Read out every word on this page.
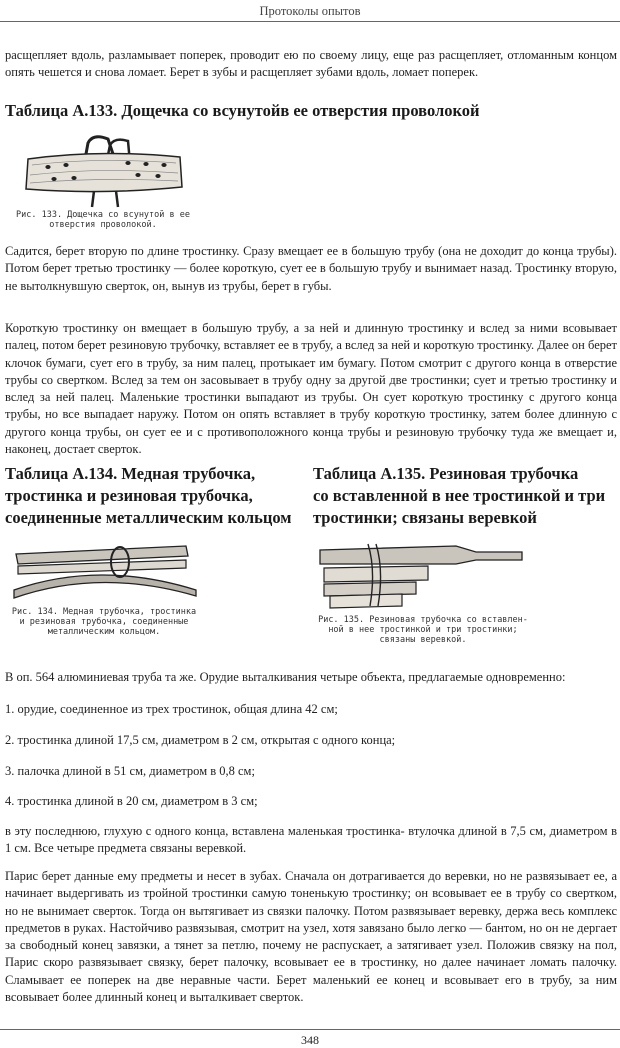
Протоколы опытов

расщепляет вдоль, разламывает поперек, проводит ею по своему лицу, еще раз расщепляет, отломанным концом опять чешется и снова ломает. Берет в зубы и расщепляет зубами вдоль, ломает поперек.

Таблица А.133. Дощечка со всунутойв ее отверстия проволокой
Рис. 133. Дощечка со всунутой в ее
отверстия проволокой.

Садится, берет вторую по длине тростинку. Сразу вмещает ее в большую трубу (она не доходит до конца трубы). Потом берет третью тростинку — более короткую, сует ее в большую трубу и вынимает назад. Тростинку вторую, не вытолкнувшую сверток, он, вынув из трубы, берет в губы.

Короткую тростинку он вмещает в большую трубу, а за ней и длинную тростинку и вслед за ними всовывает палец, потом берет резиновую трубочку, вставляет ее в трубу, а вслед за ней и короткую тростинку. Далее он берет клочок бумаги, сует его в трубу, за ним палец, протыкает им бумагу. Потом смотрит с другого конца в отверстие трубы со свертком. Вслед за тем он засовывает в трубу одну за другой две тростинки; сует и третью тростинку и вслед за ней палец. Маленькие тростинки выпадают из трубы. Он сует короткую тростинку с другого конца трубы, но все выпадает наружу. Потом он опять вставляет в трубу короткую тростинку, затем более длинную с другого конца трубы, он сует ее и с противоположного конца трубы и резиновую трубочку туда же вмещает и, наконец, достает сверток.

Таблица А.134. Медная трубочка,
тростинка и резиновая трубочка,
соединенные металлическим кольцом
Таблица А.135. Резиновая трубочка
со вставленной в нее тростинкой и три
тростинки; связаны веревкой
Рис. 134. Медная трубочка, тростинка
и резиновая трубочка, соединенные
металлическим кольцом.
Рис. 135. Резиновая трубочка со вставлен-
ной в нее тростинкой и три тростинки;
связаны веревкой.

В оп. 564 алюминиевая труба та же. Орудие выталкивания четыре объекта, предлагаемые одновременно:

1. орудие, соединенное из трех тростинок, общая длина 42 см;

2. тростинка длиной 17,5 см, диаметром в 2 см, открытая с одного конца;

3. палочка длиной в 51 см, диаметром в 0,8 см;

4. тростинка длиной в 20 см, диаметром в 3 см;

в эту последнюю, глухую с одного конца, вставлена маленькая тростинка- втулочка длиной в 7,5 см, диаметром в 1 см. Все четыре предмета связаны веревкой.

Парис берет данные ему предметы и несет в зубах. Сначала он дотрагивается до веревки, но не развязывает ее, а начинает выдергивать из тройной тростинки самую тоненькую тростинку; он всовывает ее в трубу со свертком, но не вынимает сверток. Тогда он вытягивает из связки палочку. Потом развязывает веревку, держа весь комплекс предметов в руках. Настойчиво развязывая, смотрит на узел, хотя завязано было легко — бантом, но он не дергает за свободный конец завязки, а тянет за петлю, почему не распускает, а затягивает узел. Положив связку на пол, Парис скоро развязывает связку, берет палочку, всовывает ее в тростинку, но далее начинает ломать палочку. Сламывает ее поперек на две неравные части. Берет маленький ее конец и всовывает его в трубу, за ним всовывает более длинный конец и выталкивает сверток.

348
